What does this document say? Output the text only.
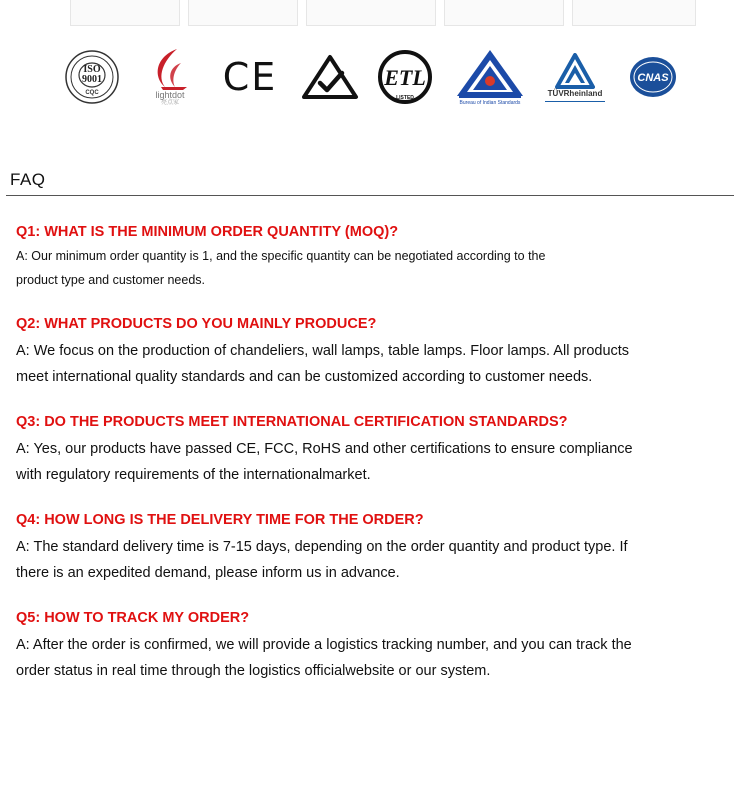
ISO
9001
CQC	lightdot
亮点家
CE	ETL
LISTED
Bureau of Indian Standards
TÜVRheinland
CNAS
FAQ
Q1: WHAT IS THE MINIMUM ORDER QUANTITY (MOQ)?
A: Our minimum order quantity is 1, and the specific quantity can be negotiated according to the
product type and customer needs.
Q2: WHAT PRODUCTS DO YOU MAINLY PRODUCE?
A: We focus on the production of chandeliers, wall lamps, table lamps. Floor lamps. All products
meet international quality standards and can be customized according to customer needs.
Q3: DO THE PRODUCTS MEET INTERNATIONAL CERTIFICATION STANDARDS?
A: Yes, our products have passed CE, FCC, RoHS and other certifications to ensure compliance
with regulatory requirements of the internationalmarket.
Q4: HOW LONG IS THE DELIVERY TIME FOR THE ORDER?
A: The standard delivery time is 7-15 days, depending on the order quantity and product type. If
there is an expedited demand, please inform us in advance.
Q5: HOW TO TRACK MY ORDER?
A: After the order is confirmed, we will provide a logistics tracking number, and you can track the
order status in real time through the logistics officialwebsite or our system.
